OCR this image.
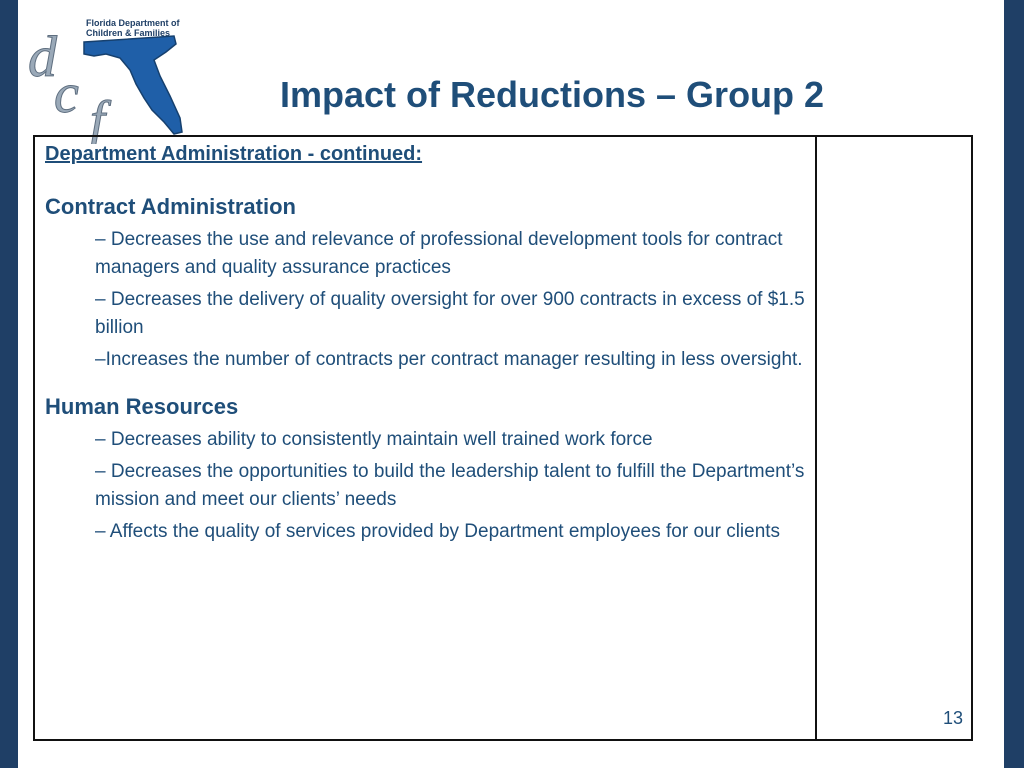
d
c f
Florida Department of
Children & Families
Impact of Reductions – Group 2
Department Administration - continued:
Contract Administration
– Decreases the use and relevance of professional development tools for contract managers and quality assurance practices
– Decreases the delivery of quality oversight for over 900 contracts in excess of $1.5 billion
–Increases the number of contracts per contract manager resulting in less oversight.
Human Resources
– Decreases ability to consistently maintain well trained work force
– Decreases the opportunities to build the leadership talent to fulfill the Department’s mission and meet our clients’ needs
– Affects the quality of services provided by Department employees for our clients
13
